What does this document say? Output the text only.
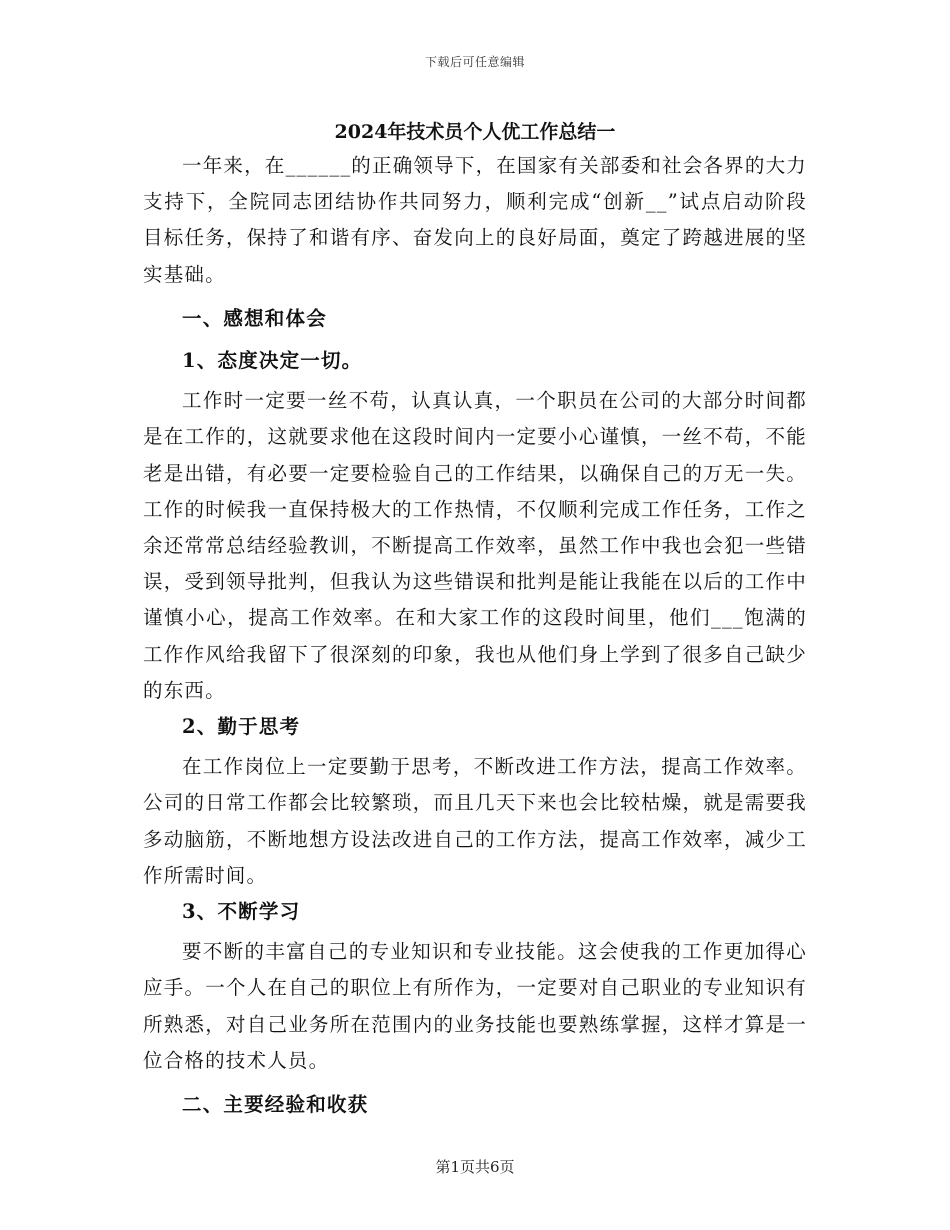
下载后可任意编辑
2024年技术员个人优工作总结一

一年来，在______的正确领导下，在国家有关部委和社会各界的大力支持下，全院同志团结协作共同努力，顺利完成“创新__”试点启动阶段目标任务，保持了和谐有序、奋发向上的良好局面，奠定了跨越进展的坚实基础。

一、感想和体会

1、态度决定一切。

工作时一定要一丝不苟，认真认真，一个职员在公司的大部分时间都是在工作的，这就要求他在这段时间内一定要小心谨慎，一丝不苟，不能老是出错，有必要一定要检验自己的工作结果，以确保自己的万无一失。工作的时候我一直保持极大的工作热情，不仅顺利完成工作任务，工作之余还常常总结经验教训，不断提高工作效率，虽然工作中我也会犯一些错误，受到领导批判，但我认为这些错误和批判是能让我能在以后的工作中谨慎小心，提高工作效率。在和大家工作的这段时间里，他们___饱满的工作作风给我留下了很深刻的印象，我也从他们身上学到了很多自己缺少的东西。

2、勤于思考

在工作岗位上一定要勤于思考，不断改进工作方法，提高工作效率。公司的日常工作都会比较繁琐，而且几天下来也会比较枯燥，就是需要我多动脑筋，不断地想方设法改进自己的工作方法，提高工作效率，减少工作所需时间。

3、不断学习

要不断的丰富自己的专业知识和专业技能。这会使我的工作更加得心应手。一个人在自己的职位上有所作为，一定要对自己职业的专业知识有所熟悉，对自己业务所在范围内的业务技能也要熟练掌握，这样才算是一位合格的技术人员。

二、主要经验和收获

第1页共6页
